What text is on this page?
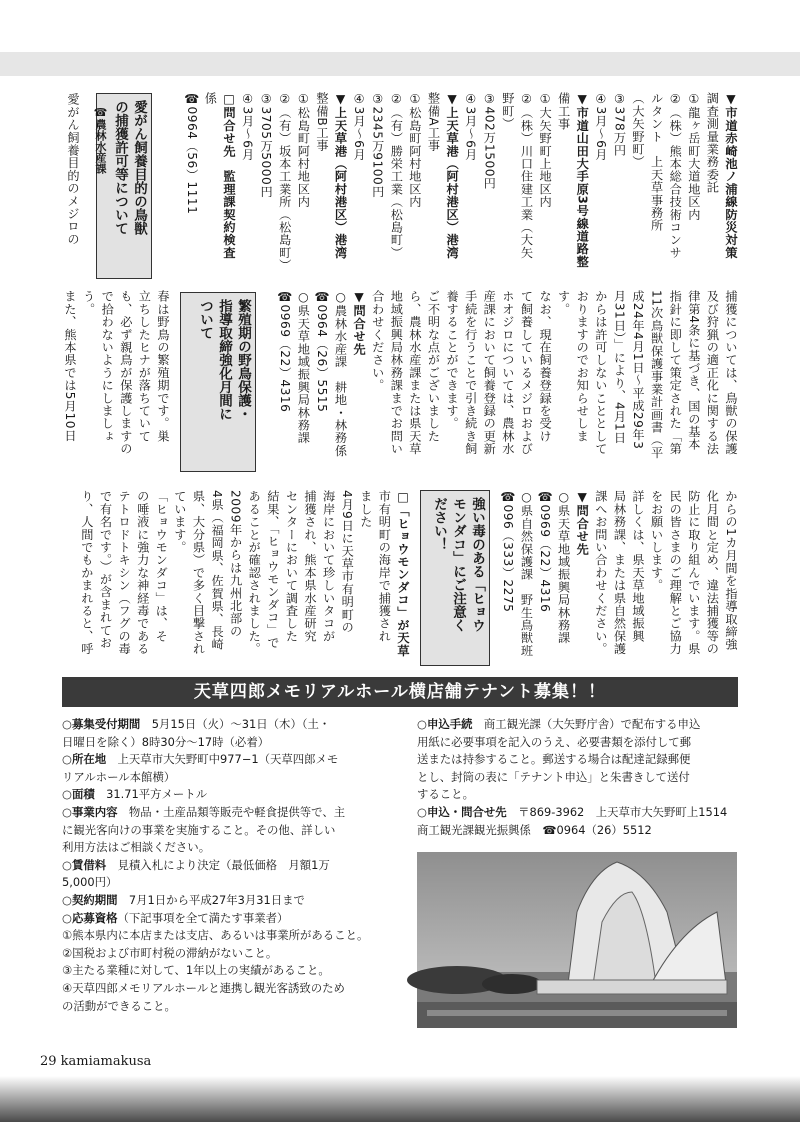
▼市道赤崎池ノ浦線防災対策

調査測量業務委託

①龍ヶ岳町大道地区内

②（株）熊本総合技術コンサ

ルタント　上天草事務所

（大矢野町）

③378万円

④3月〜6月

▼市道山田大手原3号線道路整

備工事

①大矢野町上地区内

②（株）川口住建工業（大矢

野町）

③402万1500円

④3月〜6月

▼上天草港（阿村港区）港湾

整備A工事

①松島町阿村地区内

②（有）勝栄工業（松島町）

③2345万9100円

④3月〜6月

▼上天草港（阿村港区）港湾

整備B工事

①松島町阿村地区内

②（有）坂本工業所（松島町）

③3705万5000円

④3月〜6月

□問合せ先　監理課契約検査

係

☎0964（56）1111

愛がん飼養目的の鳥獣
の捕獲許可等について
☎農林水産課

愛がん飼養目的のメジロの

捕獲については、鳥獣の保護

及び狩猟の適正化に関する法

律第4条に基づき、国の基本

指針に即して策定された「第

11次鳥獣保護事業計画書（平

成24年4月1日〜平成29年3

月31日）」により、4月1日

からは許可しないこととして

おりますのでお知らせしま

す。

なお、現在飼養登録を受け

て飼養しているメジロおよび

ホオジロについては、農林水

産課において飼養登録の更新

手続を行うことで引き続き飼

養することができます。

ご不明な点がございました

ら、農林水産課または県天草

地域振興局林務課までお問い

合わせください。

▼問合せ先

○農林水産課　耕地・林務係

☎0964（26）5515

○県天草地域振興局林務課

☎0969（22）4316

繁殖期の野鳥保護・
指導取締強化月間に
ついて

春は野鳥の繁殖期です。巣

立ちしたヒナが落ちていて

も、必ず親鳥が保護しますの

で拾わないようにしましょ

う。

また、熊本県では5月10日

からの1カ月間を指導取締強

化月間と定め、違法捕獲等の

防止に取り組んでいます。県

民の皆さまのご理解とご協力

をお願いします。

詳しくは、県天草地域振興

局林務課、または県自然保護

課へお問い合わせください。

▼問合せ先

○県天草地域振興局林務課

☎0969（22）4316

○県自然保護課　野生鳥獣班

☎096（333）2275

強い毒のある「ヒョウ
モンダコ」にご注意く
ださい！

□「ヒョウモンダコ」が天草

市有明町の海岸で捕獲され

ました

4月9日に天草市有明町の

海岸において珍しいタコが

捕獲され、熊本県水産研究

センターにおいて調査した

結果、「ヒョウモンダコ」で

あることが確認されました。

2009年からは九州北部の

4県（福岡県、佐賀県、長崎

県、大分県）で多く目撃され

ています。

「ヒョウモンダコ」は、そ

の唾液に強力な神経毒である

テトロドトキシン（フグの毒

で有名です。）が含まれてお

り、人間でもかまれると、呼

天草四郎メモリアルホール横店舗テナント募集！！

○募集受付期間　5月15日（火）〜31日（木）（土・

日曜日を除く）8時30分〜17時（必着）

○所在地　上天草市大矢野町中977−1（天草四郎メモ

リアルホール本館横）

○面積　31.71平方メートル

○事業内容　物品・土産品類等販売や軽食提供等で、主

に観光客向けの事業を実施すること。その他、詳しい

利用方法はご相談ください。

○賃借料　見積入札により決定（最低価格　月額1万

5,000円）

○契約期間　7月1日から平成27年3月31日まで

○応募資格（下記事項を全て満たす事業者）

①熊本県内に本店または支店、あるいは事業所があること。

②国税および市町村税の滞納がないこと。

③主たる業種に対して、1年以上の実績があること。

④天草四郎メモリアルホールと連携し観光客誘致のため

の活動ができること。

○申込手続　商工観光課（大矢野庁舎）で配布する申込

用紙に必要事項を記入のうえ、必要書類を添付して郵

送または持参すること。郵送する場合は配達記録郵便

とし、封筒の表に「テナント申込」と朱書きして送付

すること。

○申込・問合せ先　〒869-3962　上天草市大矢野町上1514

商工観光課観光振興係　☎0964（26）5512

29 kamiamakusa
